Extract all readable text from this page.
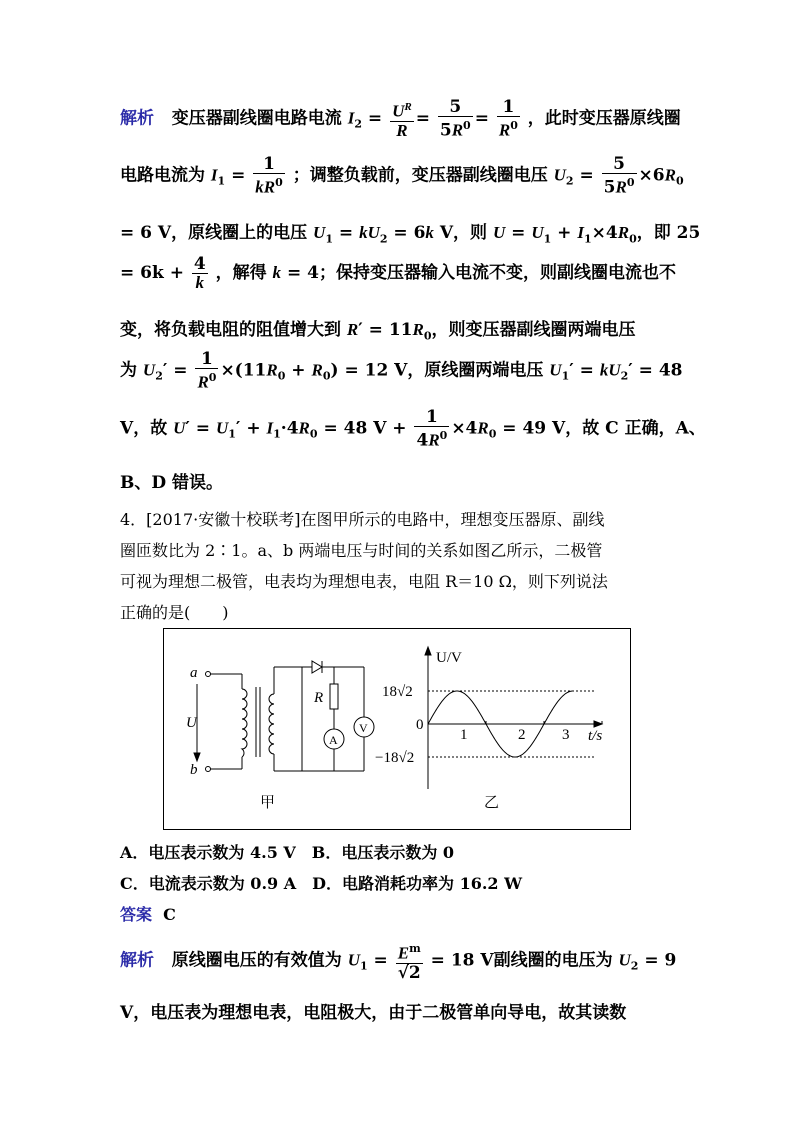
解析 变压器副线圈电路电流 $I_2 = \frac{U^R}{R} = \frac{5}{5R^0} = \frac{1}{R^0}$ ，此时变压器原线圈
电路电流为 $I_1 = \frac{1}{kR^0}$ ；调整负载前，变压器副线圈电压 $U_2 = \frac{5}{5R^0} \times 6R_0$
= 6 V，原线圈上的电压 $U_1 = kU_2 = 6k$ V，则 $U = U_1 + I_1\times 4R_0$，即 25
= $6k + \frac{4}{k}$ ，解得 k = 4；保持变压器输入电流不变，则副线圈电流也不
变，将负载电阻的阻值增大到 $R' = 11R_0$，则变压器副线圈两端电压
为 $U_2' = \frac{1}{R^0} \times(11R_0 + R_0) = 12$ V，原线圈两端电压 $U_1' = kU_2' = 48$
V，故 $U' = U_1' + I_1\cdot 4R_0 = 48$ $V + \frac{1}{4R^0} \times 4R_0 = 49$ V，故 C 正确，A、
B、D 错误。
4．[2017·安徽十校联考]在图甲所示的电路中，理想变压器原、副线
圈匝数比为 2∶1。a、b 两端电压与时间的关系如图乙所示，二极管
可视为理想二极管，电表均为理想电表，电阻 R＝10 Ω，则下列说法
正确的是(　　)
a
b
U
R
A
V
U/V
t/s
18√2
−18√2
0
1	2 3
甲	乙
A．电压表示数为 4.5 V　B．电压表示数为 0
C．电流表示数为 0.9 A　D．电路消耗功率为 16.2 W
答案 C
解析 原线圈电压的有效值为 $U_1 = \frac{E^m}{√2} = 18$ V副线圈的电压为 $U_2 = 9$
V，电压表为理想电表，电阻极大，由于二极管单向导电，故其读数
